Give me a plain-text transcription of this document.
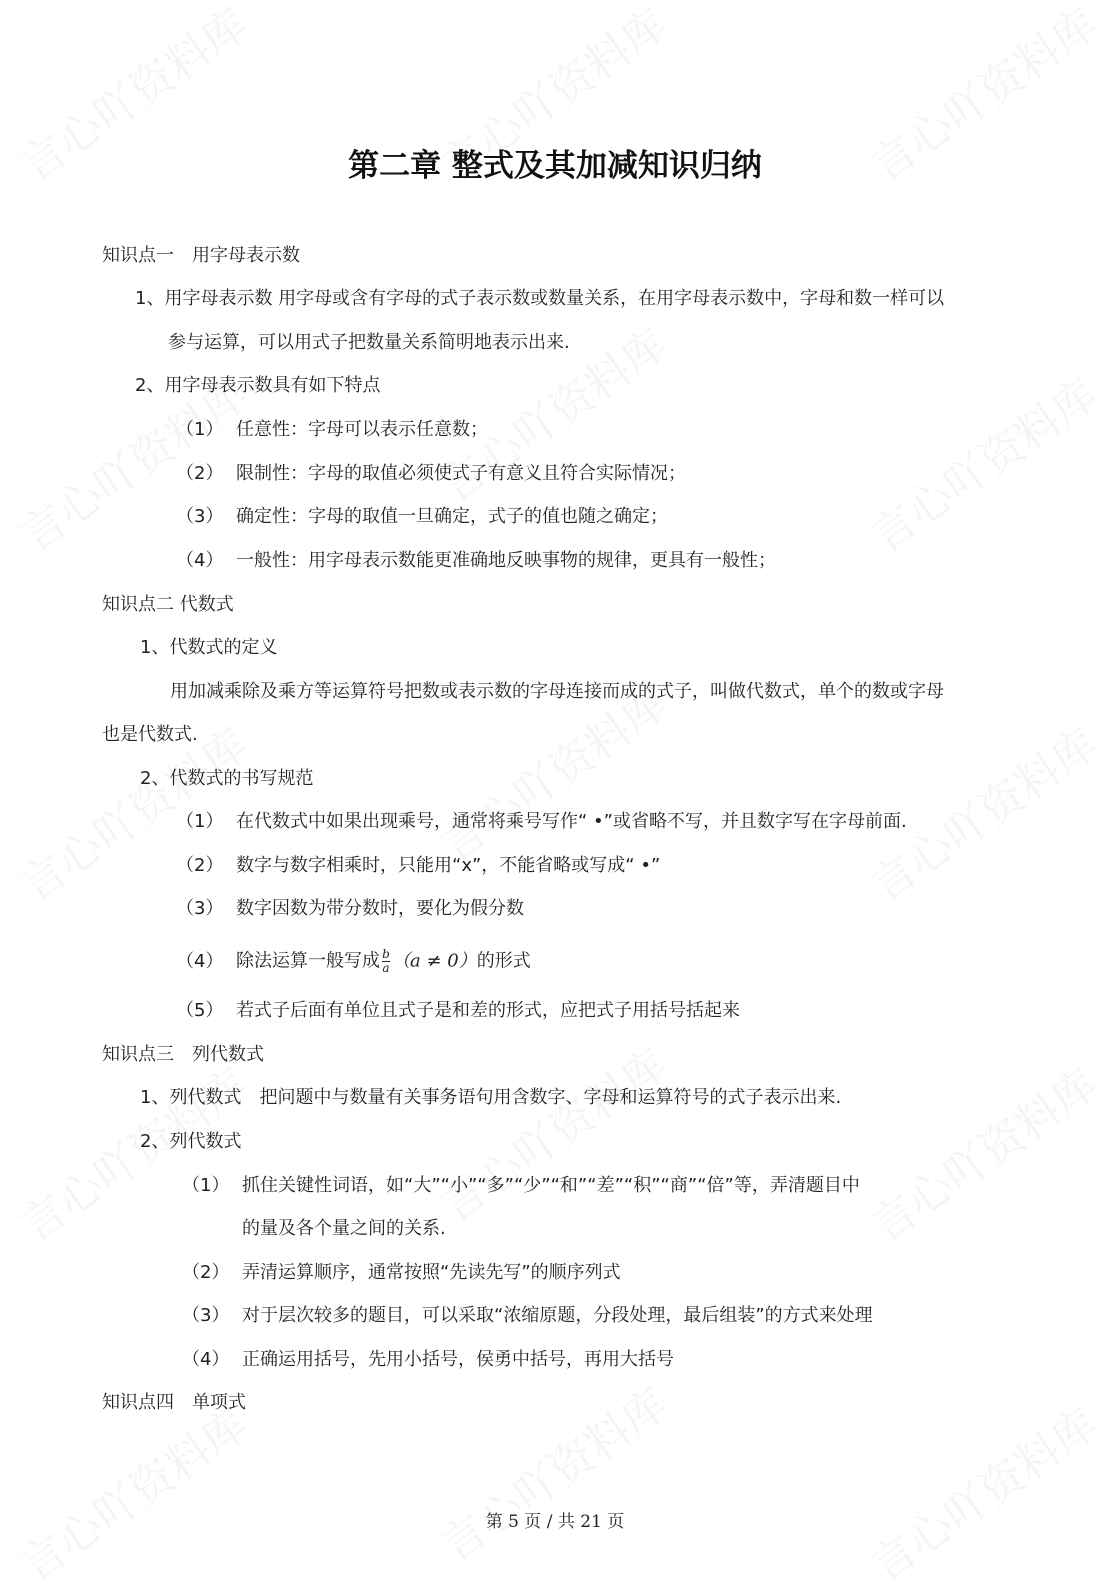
第二章 整式及其加减知识归纳
知识点一　用字母表示数
1、用字母表示数 用字母或含有字母的式子表示数或数量关系，在用字母表示数中，字母和数一样可以
参与运算，可以用式子把数量关系简明地表示出来.
2、用字母表示数具有如下特点
（1） 任意性：字母可以表示任意数；
（2） 限制性：字母的取值必须使式子有意义且符合实际情况；
（3） 确定性：字母的取值一旦确定，式子的值也随之确定；
（4） 一般性：用字母表示数能更准确地反映事物的规律，更具有一般性；
知识点二 代数式
1、代数式的定义
用加减乘除及乘方等运算符号把数或表示数的字母连接而成的式子，叫做代数式，单个的数或字母
也是代数式.
2、代数式的书写规范
（1） 在代数式中如果出现乘号，通常将乘号写作“ •”或省略不写，并且数字写在字母前面.
（2） 数字与数字相乘时，只能用“x”，不能省略或写成“ •”
（3） 数字因数为带分数时，要化为假分数
（4） 除法运算一般写成 $\frac{b}{a} (a \ne 0)$的形式
（5） 若式子后面有单位且式子是和差的形式，应把式子用括号括起来
知识点三　列代数式
1、列代数式　把问题中与数量有关事务语句用含数字、字母和运算符号的式子表示出来.
2、列代数式
（1） 抓住关键性词语，如“大”“小”“多”“少”“和”“差”“积”“商”“倍”等，弄清题目中
的量及各个量之间的关系.
（2） 弄清运算顺序，通常按照“先读先写”的顺序列式
（3） 对于层次较多的题目，可以采取“浓缩原题，分段处理，最后组装”的方式来处理
（4） 正确运用括号，先用小括号，侯勇中括号，再用大括号
知识点四　单项式
第 5 页 / 共 21 页
